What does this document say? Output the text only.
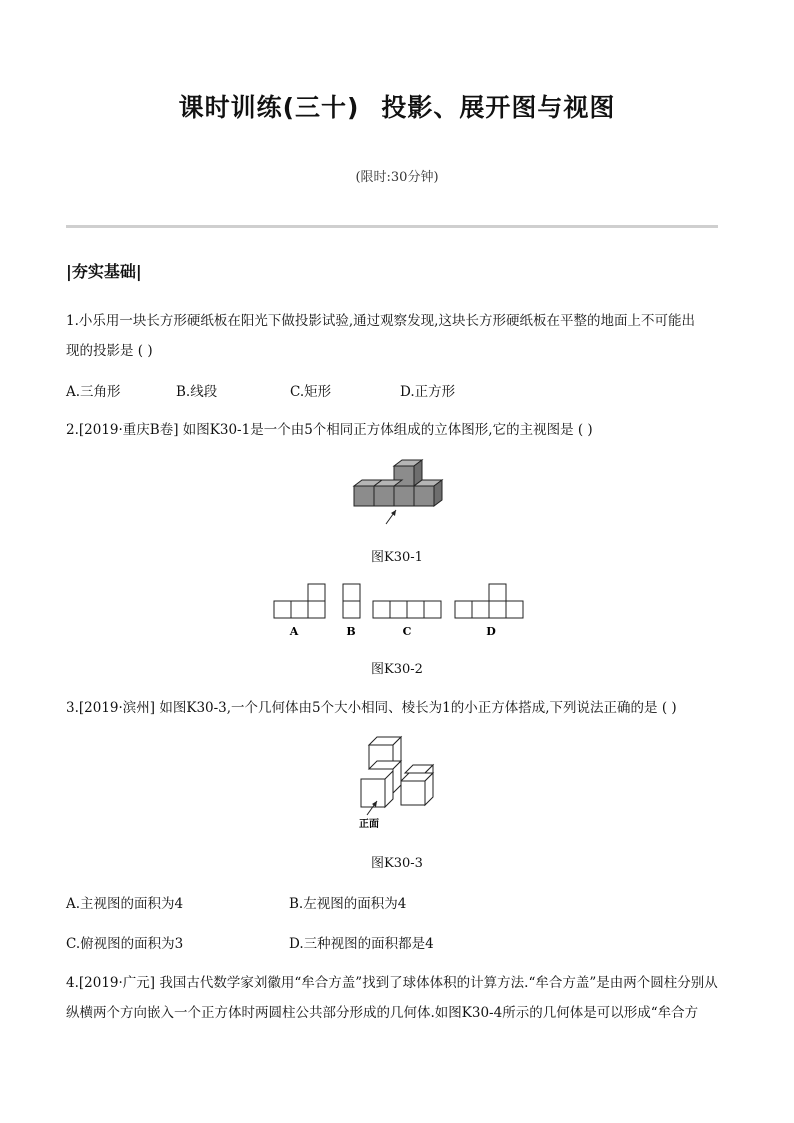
课时训练(三十) 投影、展开图与视图
(限时:30分钟)
|夯实基础|
1.小乐用一块长方形硬纸板在阳光下做投影试验,通过观察发现,这块长方形硬纸板在平整的地面上不可能出
现的投影是 ( )
A.三角形	B.线段	C.矩形	D.正方形
2.[2019·重庆B卷] 如图K30-1是一个由5个相同正方体组成的立体图形,它的主视图是 ( )
图K30-1
A	B	C	D
图K30-2
3.[2019·滨州] 如图K30-3,一个几何体由5个大小相同、棱长为1的小正方体搭成,下列说法正确的是 ( )
正面
图K30-3
A.主视图的面积为4	B.左视图的面积为4
C.俯视图的面积为3	D.三种视图的面积都是4
4.[2019·广元] 我国古代数学家刘徽用“牟合方盖”找到了球体体积的计算方法.“牟合方盖”是由两个圆柱分别从
纵横两个方向嵌入一个正方体时两圆柱公共部分形成的几何体.如图K30-4所示的几何体是可以形成“牟合方
